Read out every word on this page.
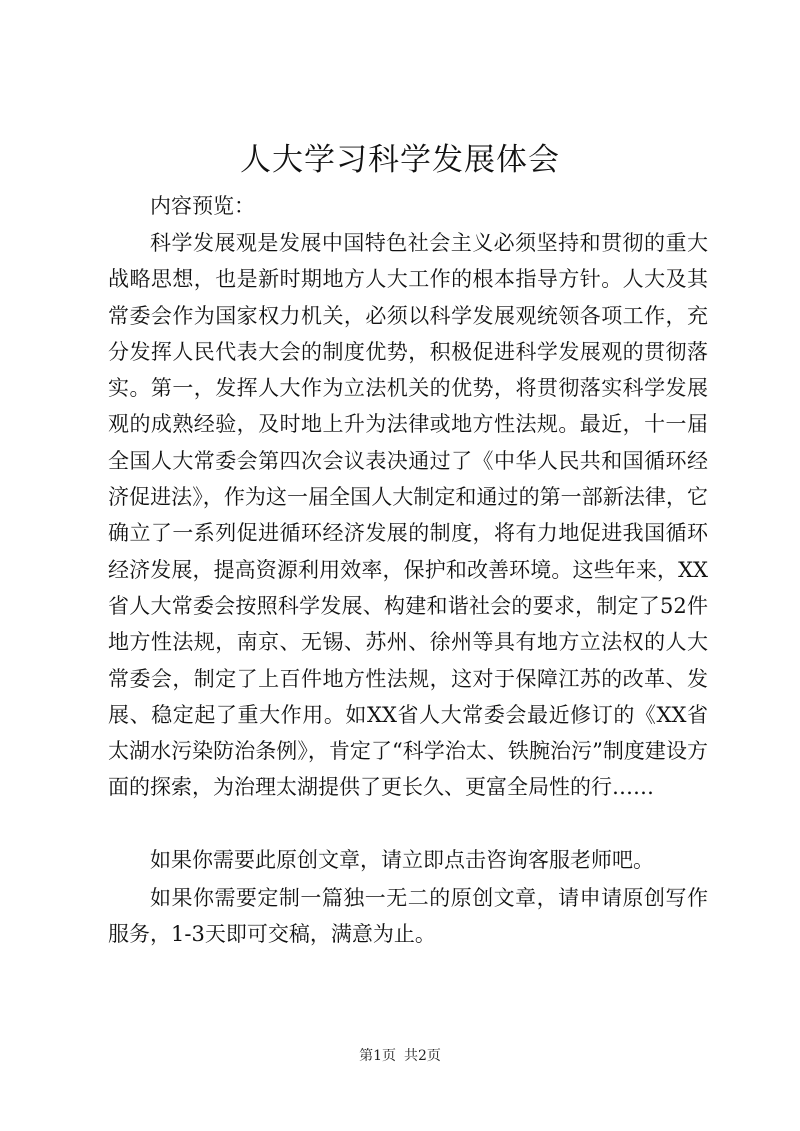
人大学习科学发展体会

内容预览：

科学发展观是发展中国特色社会主义必须坚持和贯彻的重大战略思想，也是新时期地方人大工作的根本指导方针。人大及其常委会作为国家权力机关，必须以科学发展观统领各项工作，充分发挥人民代表大会的制度优势，积极促进科学发展观的贯彻落实。第一，发挥人大作为立法机关的优势，将贯彻落实科学发展观的成熟经验，及时地上升为法律或地方性法规。最近，十一届全国人大常委会第四次会议表决通过了《中华人民共和国循环经济促进法》，作为这一届全国人大制定和通过的第一部新法律，它确立了一系列促进循环经济发展的制度，将有力地促进我国循环经济发展，提高资源利用效率，保护和改善环境。这些年来，XX省人大常委会按照科学发展、构建和谐社会的要求，制定了52件地方性法规，南京、无锡、苏州、徐州等具有地方立法权的人大常委会，制定了上百件地方性法规，这对于保障江苏的改革、发展、稳定起了重大作用。如XX省人大常委会最近修订的《XX省太湖水污染防治条例》，肯定了“科学治太、铁腕治污”制度建设方面的探索，为治理太湖提供了更长久、更富全局性的行……

如果你需要此原创文章，请立即点击咨询客服老师吧。

如果你需要定制一篇独一无二的原创文章，请申请原创写作服务，1-3天即可交稿，满意为止。

第1页 共2页
